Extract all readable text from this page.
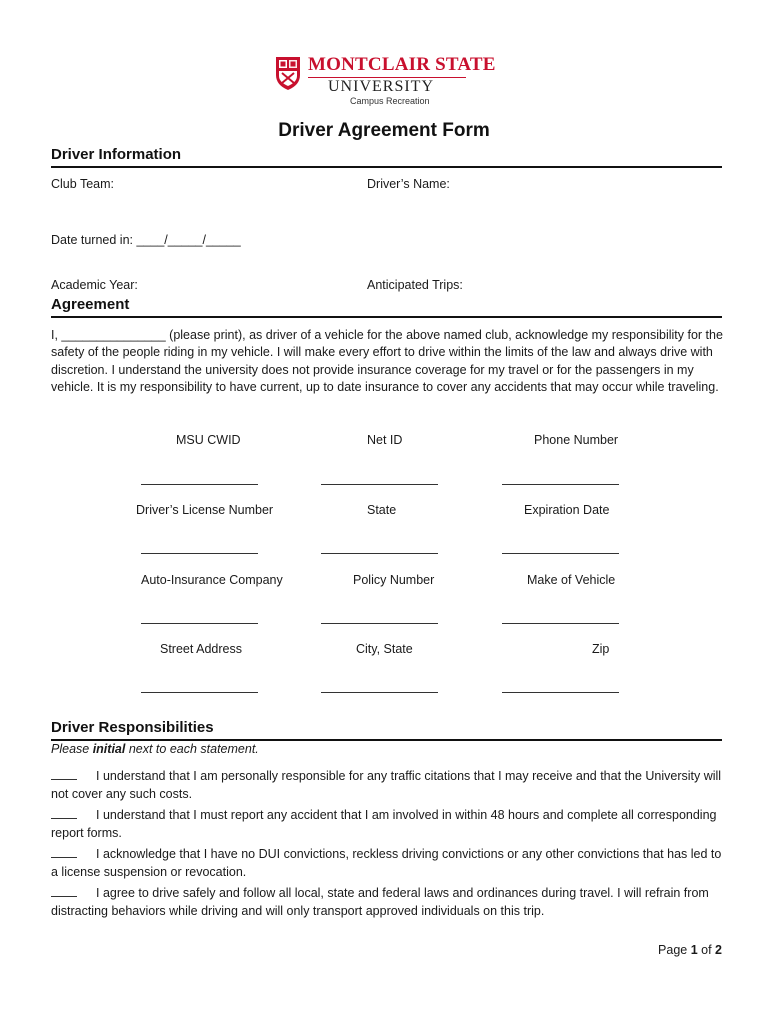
MONTCLAIR STATE
UNIVERSITY
Campus Recreation
Driver Agreement Form
Driver Information
Club Team:	Driver’s Name:
Date turned in: ____/_____/_____
Academic Year:	Anticipated Trips:
Agreement
I, _______________ (please print), as driver of a vehicle for the above named club, acknowledge my responsibility for the safety of the people riding in my vehicle. I will make every effort to drive within the limits of the law and always drive with discretion. I understand the university does not provide insurance coverage for my travel or for the passengers in my vehicle. It is my responsibility to have current, up to date insurance to cover any accidents that may occur while traveling.
MSU CWID	Net ID	Phone Number
Driver’s License Number	State	Expiration Date
Auto-Insurance Company	Policy Number	Make of Vehicle
Street Address	City, State	Zip
Driver Responsibilities
Please initial next to each statement.
I understand that I am personally responsible for any traffic citations that I may receive and that the University will not cover any such costs.
I understand that I must report any accident that I am involved in within 48 hours and complete all corresponding report forms.
I acknowledge that I have no DUI convictions, reckless driving convictions or any other convictions that has led to a license suspension or revocation.
I agree to drive safely and follow all local, state and federal laws and ordinances during travel. I will refrain from distracting behaviors while driving and will only transport approved individuals on this trip.
Page 1 of 2
